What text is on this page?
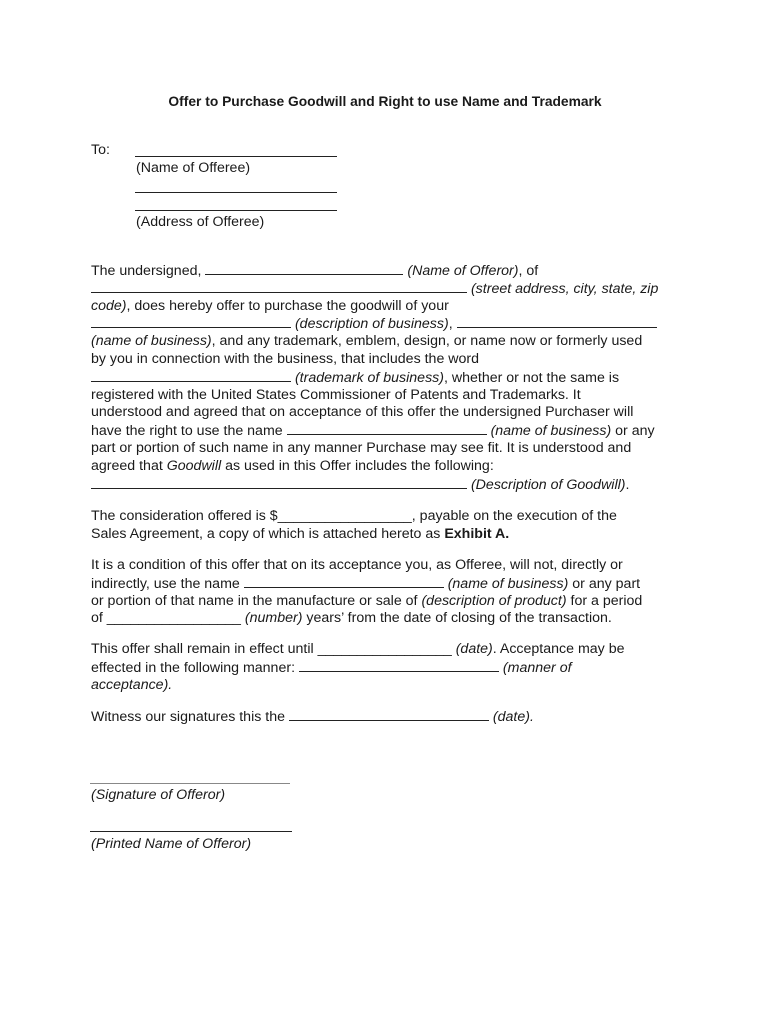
Offer to Purchase Goodwill and Right to use Name and Trademark
To:
(Name of Offeree)
(Address of Offeree)
The undersigned,	(Name of Offeror), of
(street address, city, state, zip
code), does hereby offer to purchase the goodwill of your
(description of business),
(name of business), and any trademark, emblem, design, or name now or formerly used
by you in connection with the business, that includes the word
(trademark of business), whether or not the same is
registered with the United States Commissioner of Patents and Trademarks. It
understood and agreed that on acceptance of this offer the undersigned Purchaser will
have the right to use the name	(name of business) or any
part or portion of such name in any manner Purchase may see fit. It is understood and
agreed that Goodwill as used in this Offer includes the following:
(Description of Goodwill).
The consideration offered is $_________________, payable on the execution of the
Sales Agreement, a copy of which is attached hereto as Exhibit A.
It is a condition of this offer that on its acceptance you, as Offeree, will not, directly or
indirectly, use the name	(name of business) or any part
or portion of that name in the manufacture or sale of (description of product) for a period
of _________________ (number) years’ from the date of closing of the transaction.
This offer shall remain in effect until _________________ (date). Acceptance may be
effected in the following manner:	(manner of
acceptance).
Witness our signatures this the	(date).
(Signature of Offeror)
(Printed Name of Offeror)
